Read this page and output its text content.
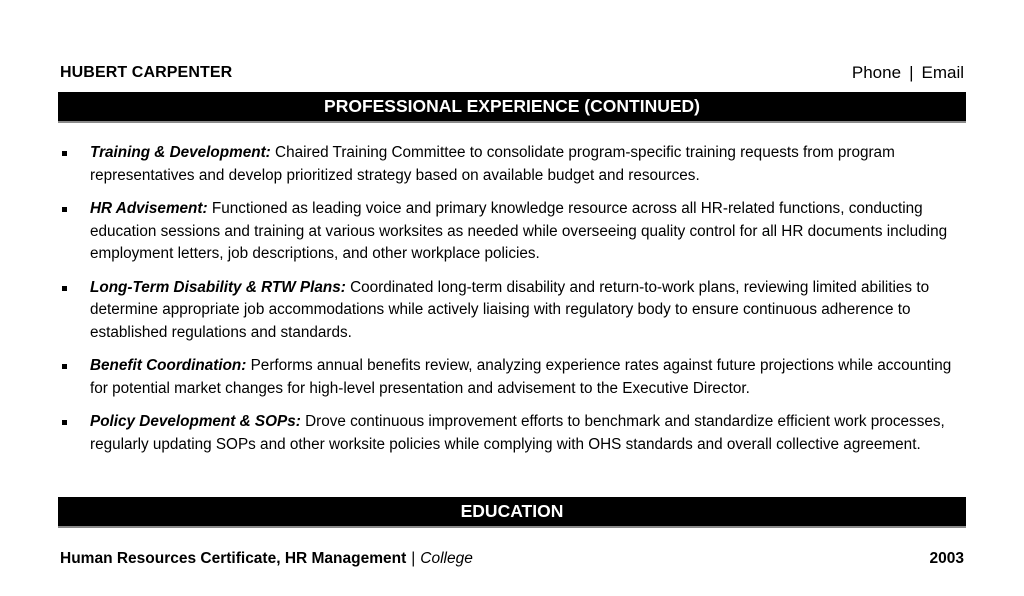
HUBERT CARPENTER	Phone | Email
PROFESSIONAL EXPERIENCE (CONTINUED)
Training & Development: Chaired Training Committee to consolidate program-specific training requests from program representatives and develop prioritized strategy based on available budget and resources.
HR Advisement: Functioned as leading voice and primary knowledge resource across all HR-related functions, conducting education sessions and training at various worksites as needed while overseeing quality control for all HR documents including employment letters, job descriptions, and other workplace policies.
Long-Term Disability & RTW Plans: Coordinated long-term disability and return-to-work plans, reviewing limited abilities to determine appropriate job accommodations while actively liaising with regulatory body to ensure continuous adherence to established regulations and standards.
Benefit Coordination: Performs annual benefits review, analyzing experience rates against future projections while accounting for potential market changes for high-level presentation and advisement to the Executive Director.
Policy Development & SOPs: Drove continuous improvement efforts to benchmark and standardize efficient work processes, regularly updating SOPs and other worksite policies while complying with OHS standards and overall collective agreement.
EDUCATION
Human Resources Certificate, HR Management | College	2003
